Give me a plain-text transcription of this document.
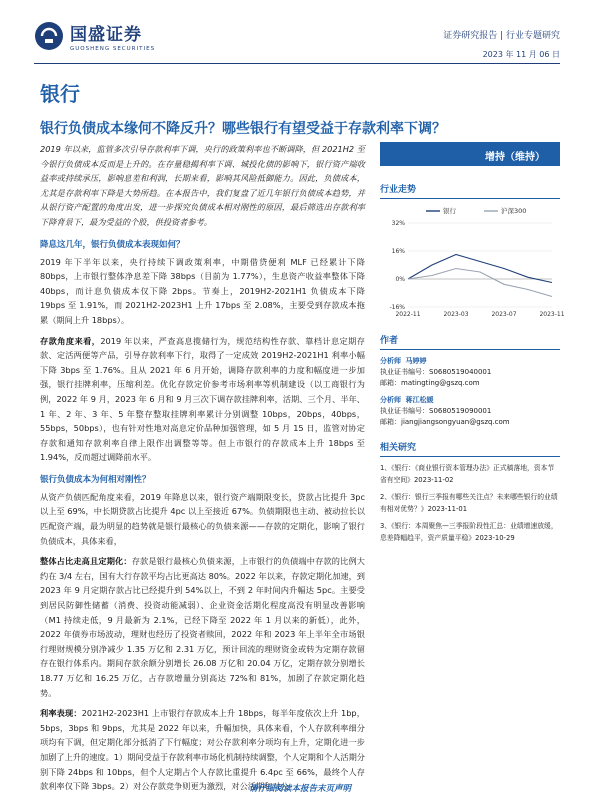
国盛证券
GUOSHENG SECURITIES
证券研究报告 | 行业专题研究
2023 年 11 月 06 日
银行
银行负债成本缘何不降反升？哪些银行有望受益于存款利率下调？

2019 年以来，监管多次引导存款利率下调，央行的政策利率也不断调降，但 2021H2 至今银行负债成本反而是上升的。在存量稳揭利率下调、城投化债的影响下，银行资产端收益率或持续承压，影响息差和利润，长期来看，影响其风险抵御能力。因此，负债成本，尤其是存款利率下降是大势所趋。在本报告中，我们复盘了近几年银行负债成本趋势，并从银行资产配置的角度出发，进一步探究负债成本相对刚性的原因，最后筛选出存款利率下降背景下，最为受益的个股，供投资者参考。

降息这几年，银行负债成本表现如何？

2019 年下半年以来，央行持续下调政策利率，中期借贷便利 MLF 已经累计下降 80bps，上市银行整体净息差下降 38bps（目前为 1.77%），生息资产收益率整体下降 40bps，而计息负债成本仅下降 2bps。节奏上，2019H2-2021H1 负债成本下降 19bps 至 1.91%，而 2021H2-2023H1 上升 17bps 至 2.08%，主要受到存款成本拖累（期间上升 18bps）。

存款角度来看，2019 年以来，严查高息揽储行为，规范结构性存款、靠档计息定期存款、定活两便等产品，引导存款利率下行，取得了一定成效 2019H2-2021H1 利率小幅下降 3bps 至 1.76%。且从 2021 年 6 月开始，调降存款利率的力度和幅度进一步加强，银行挂牌利率，压缩利差。优化存款定价参考市场利率等机制建设（以工商银行为例，2022 年 9 月，2023 年 6 月和 9 月三次下调存款挂牌利率，活期、三个月、半年、1 年、2 年、3 年、5 年整存整取挂牌利率累计分别调整 10bps，20bps，40bps，55bps，50bps），也有针对性地对高息定价品种加强管理，如 5 月 15 日，监管对协定存款和通知存款利率自律上限作出调整等等。但上市银行的存款成本上升 18bps 至 1.94%，反而超过调降前水平。

银行负债成本为何相对刚性？

从资产负债匹配角度来看，2019 年降息以来，银行资产端期限变长，贷款占比提升 3pc 以上至 69%，中长期贷款占比提升 4pc 以上至接近 67%。负债期限也主动、被动拉长以匹配资产端，最为明显的趋势就是银行最核心的负债来源——存款的定期化，影响了银行负债成本，具体来看，

整体占比走高且定期化：存款是银行最核心负债来源，上市银行的负债端中存款的比例大约在 3/4 左右，国有大行存款平均占比更高达 80%。2022 年以来，存款定期化加速，到 2023 年 9 月定期存款占比已经提升到 54%以上，不到 2 年时间内升幅达 5pc。主要受到居民防御性储蓄（消费、投资动能减弱）、企业资金活期化程度高没有明显改善影响（M1 持续走低，9 月最新为 2.1%，已经下降至 2022 年 1 月以来的新低），此外，2022 年债券市场波动，理财也经历了投资者赎回，2022 年和 2023 年上半年全市场银行理财规模分别净减少 1.35 万亿和 2.31 万亿，预计回流的理财资金或转为定期存款留存在银行体系内。期间存款余额分别增长 26.08 万亿和 20.04 万亿，定期存款分别增长 18.77 万亿和 16.25 万亿，占存款增量分别高达 72%和 81%，加剧了存款定期化趋势。

利率表现：2021H2-2023H1 上市银行存款成本上升 18bps，每半年度依次上升 1bp，5bps，3bps 和 9bps，尤其是 2022 年以来，升幅加快，具体来看，个人存款利率细分项均有下调，但定期化部分抵消了下行幅度；对公存款利率分项均有上升，定期化进一步加剧了上升的速度。1）期间受益于存款利率市场化机制持续调整，个人定期和个人活期分别下降 24bps 和 10bps，但个人定期占个人存款比重提升 6.4pc 至 66%，最终个人存款利率仅下降 3bps。2）对公存款竞争则更为激烈，对公活期和对公

增持（维持）
行业走势
32%
16%
0%
-16%
2022-11	2023-03	2023-07	2023-11
银行	沪深300
作者
分析师 马婷婷
执业证书编号：S0680519040001
邮箱：matingting@gszq.com
分析师 蒋江松媛
执业证书编号：S0680519090001
邮箱：jiangjiangsongyuan@gszq.com
相关研究
1、《银行：《商业银行资本管理办法》正式稿落地，资本节省有空间》2023-11-02
2、《银行：银行三季报有哪些关注点？未来哪些银行的业绩有相对优势？》2023-11-01
3、《银行：本周聚焦—三季报阶段性汇总：业绩增速放缓，息差降幅趋平，资产质量平稳》2023-10-29
请仔细阅读本报告末页声明
